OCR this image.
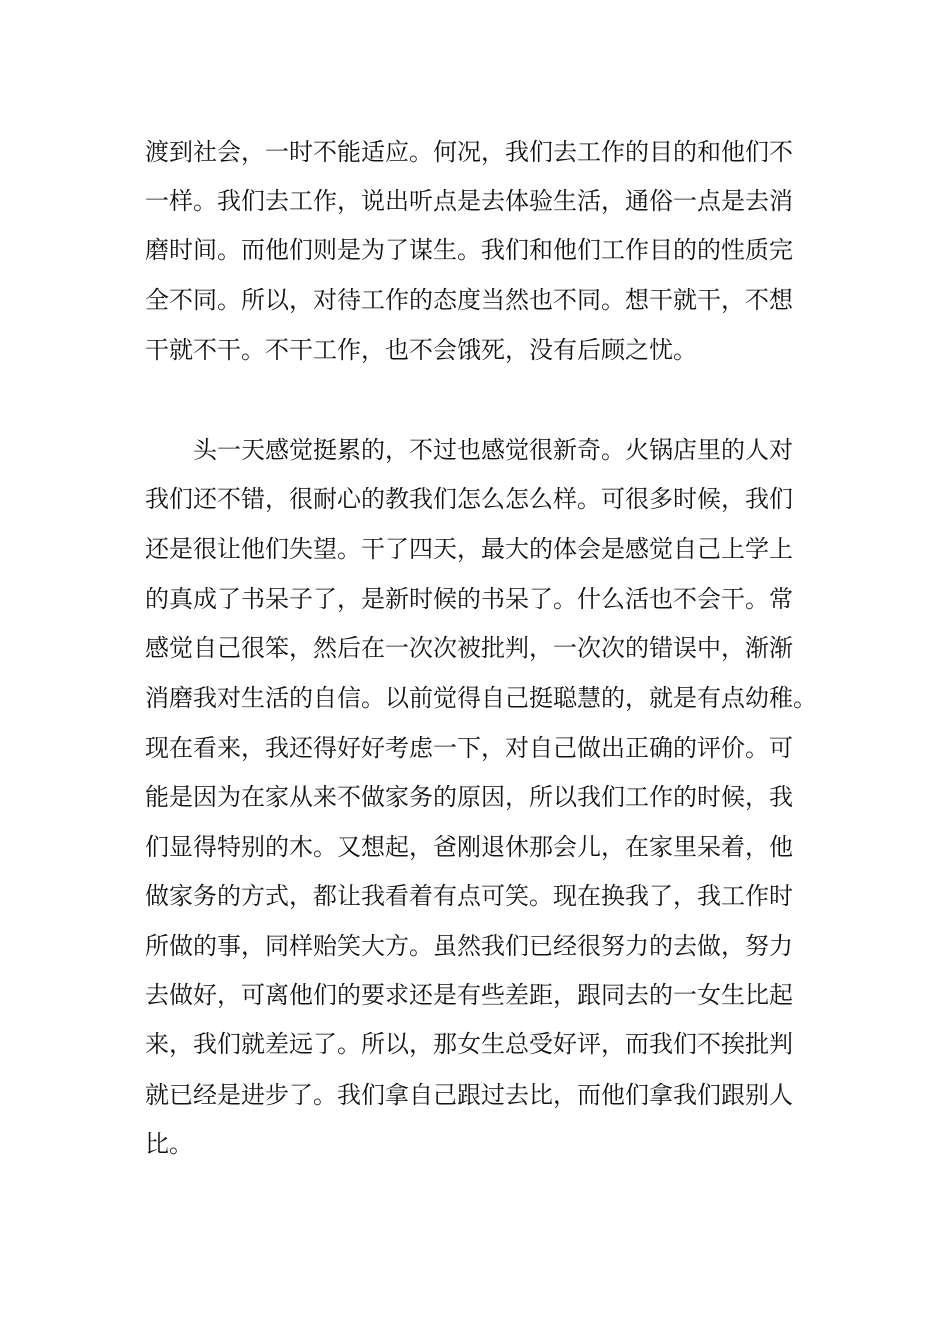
渡到社会，一时不能适应。何况，我们去工作的目的和他们不
一样。我们去工作，说出听点是去体验生活，通俗一点是去消
磨时间。而他们则是为了谋生。我们和他们工作目的的性质完
全不同。所以，对待工作的态度当然也不同。想干就干，不想
干就不干。不干工作，也不会饿死，没有后顾之忧。
头一天感觉挺累的，不过也感觉很新奇。火锅店里的人对
我们还不错，很耐心的教我们怎么怎么样。可很多时候，我们
还是很让他们失望。干了四天，最大的体会是感觉自己上学上
的真成了书呆子了，是新时候的书呆了。什么活也不会干。常
感觉自己很笨，然后在一次次被批判，一次次的错误中，渐渐
消磨我对生活的自信。以前觉得自己挺聪慧的，就是有点幼稚。
现在看来，我还得好好考虑一下，对自己做出正确的评价。可
能是因为在家从来不做家务的原因，所以我们工作的时候，我
们显得特别的木。又想起，爸刚退休那会儿，在家里呆着，他
做家务的方式，都让我看着有点可笑。现在换我了，我工作时
所做的事，同样贻笑大方。虽然我们已经很努力的去做，努力
去做好，可离他们的要求还是有些差距，跟同去的一女生比起
来，我们就差远了。所以，那女生总受好评，而我们不挨批判
就已经是进步了。我们拿自己跟过去比，而他们拿我们跟别人
比。
